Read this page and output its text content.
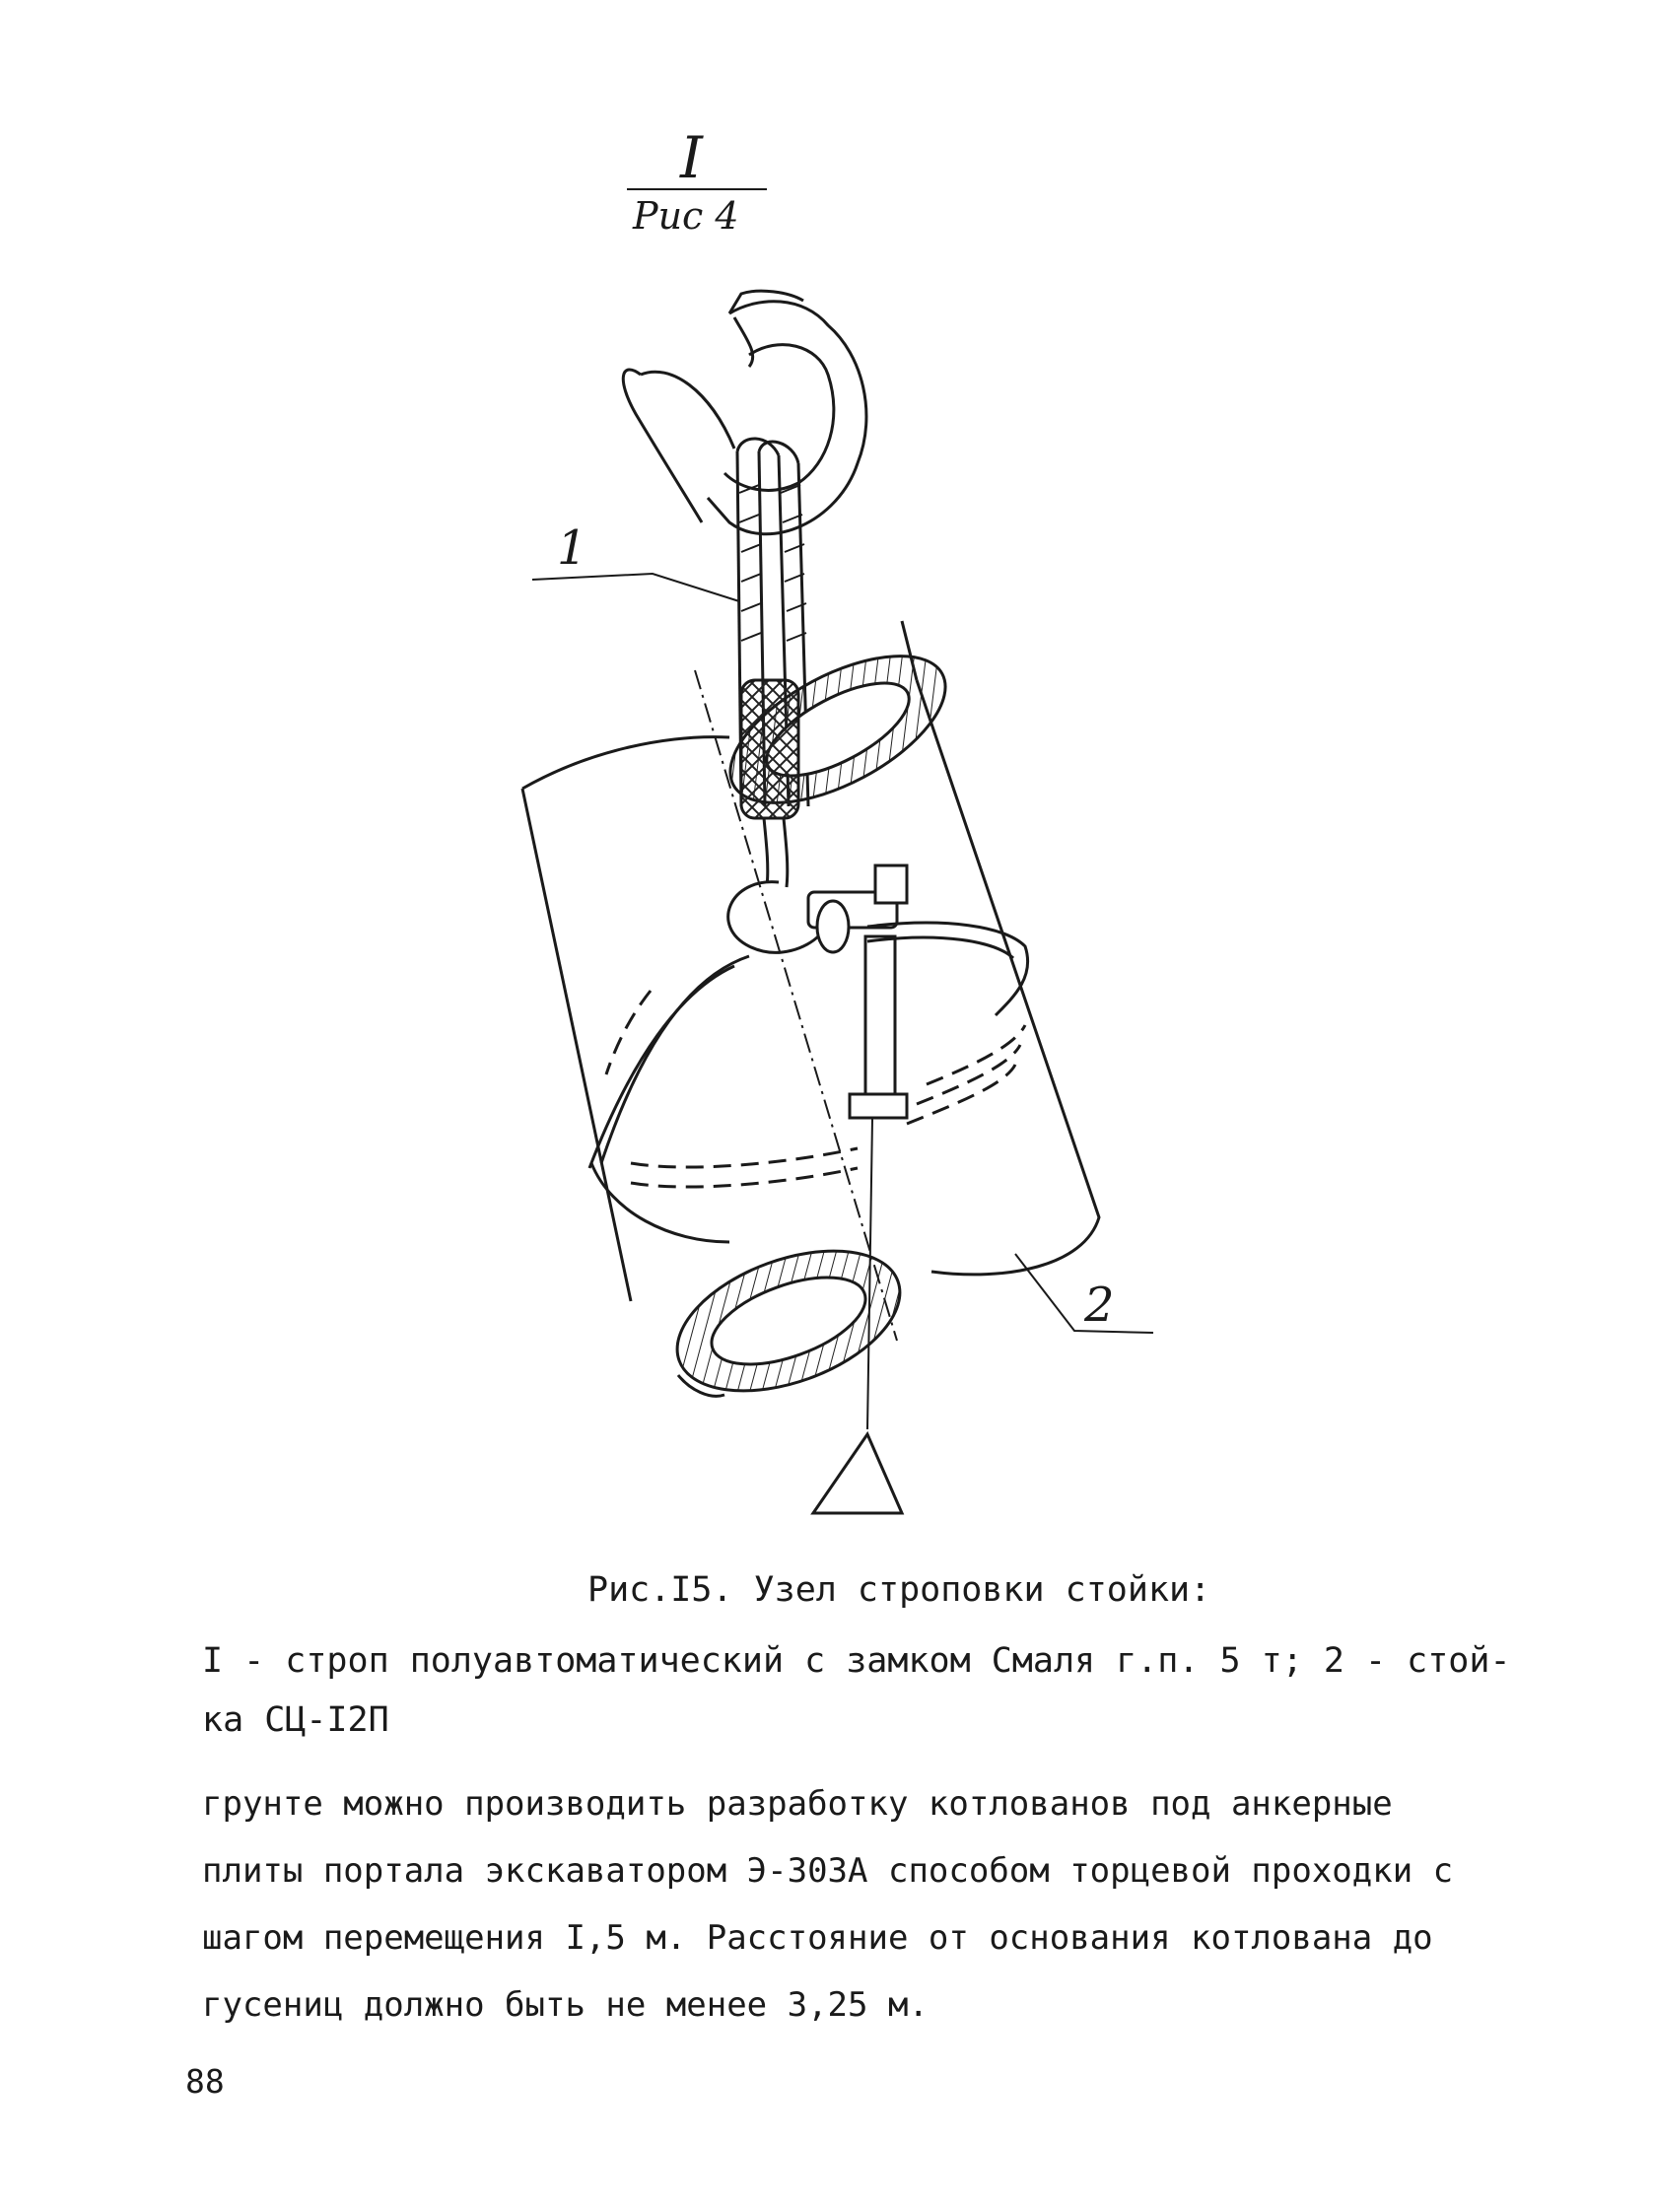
I
Рис 4
1
2

Рис.I5. Узел строповки стойки:

I - строп полуавтоматический с замком Смаля г.п. 5 т; 2 - стой-

ка СЦ-I2П

грунте можно производить разработку котлованов под анкерные

плиты портала экскаватором Э-303А способом торцевой проходки с

шагом перемещения I,5 м. Расстояние от основания котлована до

гусениц должно быть не менее 3,25 м.

88
